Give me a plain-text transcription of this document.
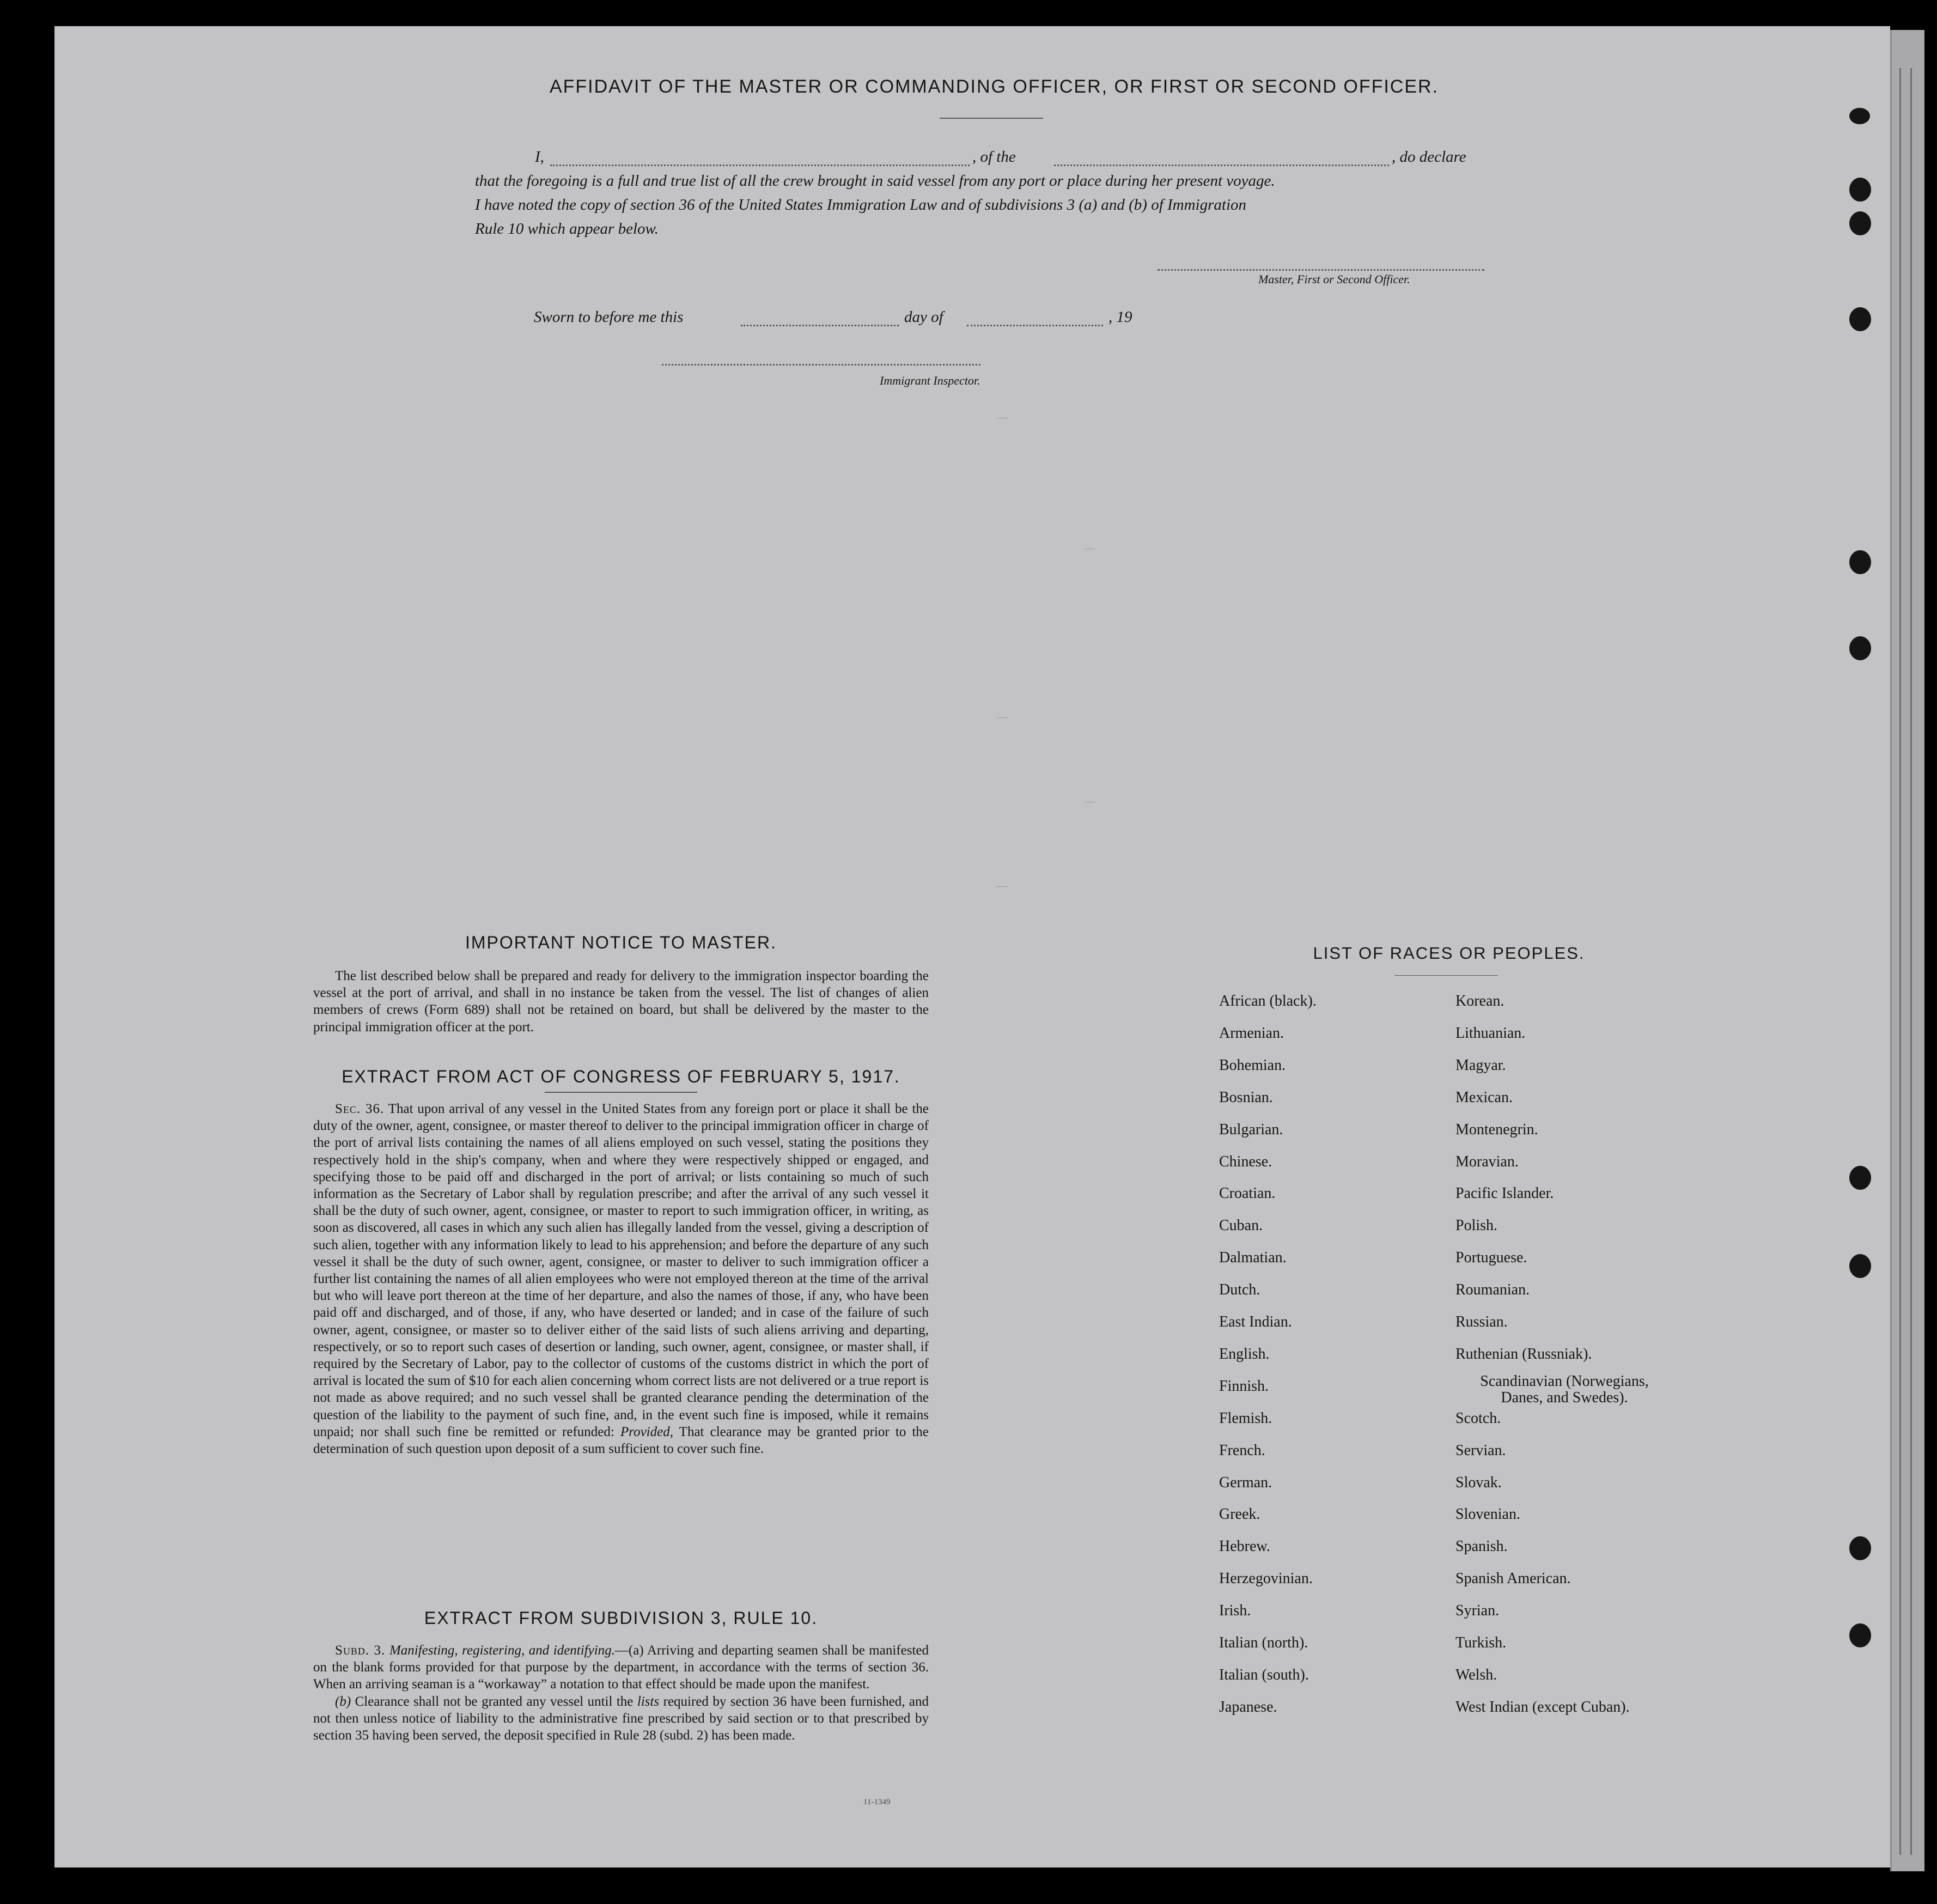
—
—
—
—
—
AFFIDAVIT OF THE MASTER OR COMMANDING OFFICER, OR FIRST OR SECOND OFFICER.
I,	, of the	, do declare
that the foregoing is a full and true list of all the crew brought in said vessel from any port or place during her present voyage.
I have noted the copy of section 36 of the United States Immigration Law and of subdivisions 3 (a) and (b) of Immigration
Rule 10 which appear below.
Master, First or Second Officer.
Sworn to before me this	day of	, 19
Immigrant Inspector.
IMPORTANT NOTICE TO MASTER.

The list described below shall be prepared and ready for delivery to the immigration inspector boarding the vessel at the port of arrival, and shall in no instance be taken from the vessel. The list of changes of alien members of crews (Form 689) shall not be retained on board, but shall be delivered by the master to the principal immigration officer at the port.

EXTRACT FROM ACT OF CONGRESS OF FEBRUARY 5, 1917.

Sec. 36. That upon arrival of any vessel in the United States from any foreign port or place it shall be the duty of the owner, agent, consignee, or master thereof to deliver to the principal immigration officer in charge of the port of arrival lists containing the names of all aliens employed on such vessel, stating the positions they respectively hold in the ship's company, when and where they were respectively shipped or engaged, and specifying those to be paid off and discharged in the port of arrival; or lists containing so much of such information as the Secretary of Labor shall by regulation prescribe; and after the arrival of any such vessel it shall be the duty of such owner, agent, consignee, or master to report to such immigration officer, in writing, as soon as discovered, all cases in which any such alien has illegally landed from the vessel, giving a description of such alien, together with any information likely to lead to his apprehension; and before the departure of any such vessel it shall be the duty of such owner, agent, consignee, or master to deliver to such immigration officer a further list containing the names of all alien employees who were not employed thereon at the time of the arrival but who will leave port thereon at the time of her departure, and also the names of those, if any, who have been paid off and discharged, and of those, if any, who have deserted or landed; and in case of the failure of such owner, agent, consignee, or master so to deliver either of the said lists of such aliens arriving and departing, respectively, or so to report such cases of desertion or landing, such owner, agent, consignee, or master shall, if required by the Secretary of Labor, pay to the collector of customs of the customs district in which the port of arrival is located the sum of $10 for each alien concerning whom correct lists are not delivered or a true report is not made as above required; and no such vessel shall be granted clearance pending the determination of the question of the liability to the payment of such fine, and, in the event such fine is imposed, while it remains unpaid; nor shall such fine be remitted or refunded: Provided, That clearance may be granted prior to the determination of such question upon deposit of a sum sufficient to cover such fine.

EXTRACT FROM SUBDIVISION 3, RULE 10.

Subd. 3. Manifesting, registering, and identifying.—(a) Arriving and departing seamen shall be manifested on the blank forms provided for that purpose by the department, in accordance with the terms of section 36. When an arriving seaman is a “workaway” a notation to that effect should be made upon the manifest.

(b) Clearance shall not be granted any vessel until the lists required by section 36 have been furnished, and not then unless notice of liability to the administrative fine prescribed by said section or to that prescribed by section 35 having been served, the deposit specified in Rule 28 (subd. 2) has been made.

11-1349
LIST OF RACES OR PEOPLES.
African (black).
Armenian.
Bohemian.
Bosnian.
Bulgarian.
Chinese.
Croatian.
Cuban.
Dalmatian.
Dutch.
East Indian.
English.
Finnish.
Flemish.
French.
German.
Greek.
Hebrew.
Herzegovinian.
Irish.
Italian (north).
Italian (south).
Japanese.
Korean.
Lithuanian.
Magyar.
Mexican.
Montenegrin.
Moravian.
Pacific Islander.
Polish.
Portuguese.
Roumanian.
Russian.
Ruthenian (Russniak).
Scandinavian (Norwegians,
Danes, and Swedes).
Scotch.
Servian.
Slovak.
Slovenian.
Spanish.
Spanish American.
Syrian.
Turkish.
Welsh.
West Indian (except Cuban).
